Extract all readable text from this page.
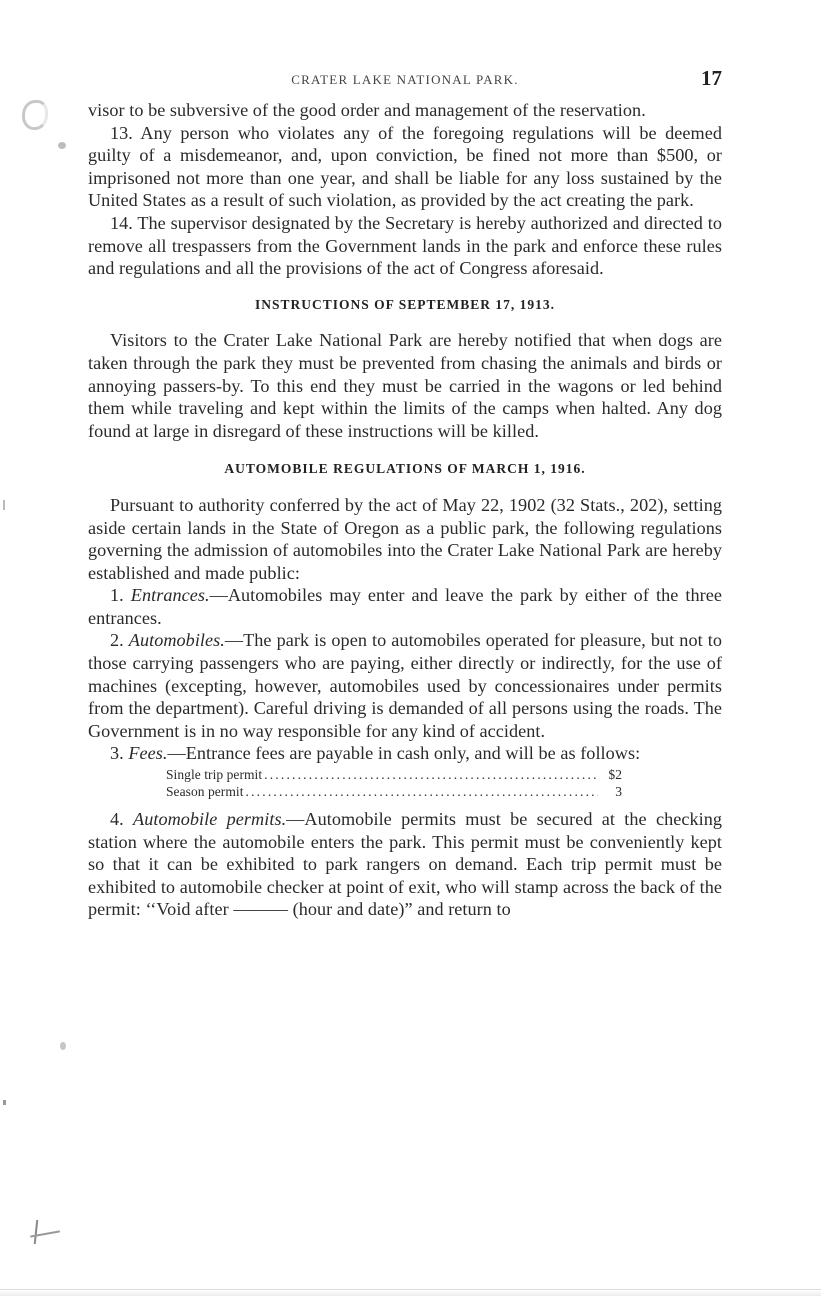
CRATER LAKE NATIONAL PARK.	17

visor to be subversive of the good order and management of the reservation.

13. Any person who violates any of the foregoing regulations will be deemed guilty of a misdemeanor, and, upon conviction, be fined not more than $500, or imprisoned not more than one year, and shall be liable for any loss sustained by the United States as a result of such violation, as provided by the act creating the park.

14. The supervisor designated by the Secretary is hereby authorized and directed to remove all trespassers from the Government lands in the park and enforce these rules and regulations and all the provisions of the act of Congress aforesaid.

INSTRUCTIONS OF SEPTEMBER 17, 1913.

Visitors to the Crater Lake National Park are hereby notified that when dogs are taken through the park they must be prevented from chasing the animals and birds or annoying passers-by. To this end they must be carried in the wagons or led behind them while traveling and kept within the limits of the camps when halted. Any dog found at large in disregard of these instructions will be killed.

AUTOMOBILE REGULATIONS OF MARCH 1, 1916.

Pursuant to authority conferred by the act of May 22, 1902 (32 Stats., 202), setting aside certain lands in the State of Oregon as a public park, the following regulations governing the admission of automobiles into the Crater Lake National Park are hereby established and made public:

1. Entrances.—Automobiles may enter and leave the park by either of the three entrances.

2. Automobiles.—The park is open to automobiles operated for pleasure, but not to those carrying passengers who are paying, either directly or indirectly, for the use of machines (excepting, however, automobiles used by concessionaires under permits from the department). Careful driving is demanded of all persons using the roads. The Government is in no way responsible for any kind of accident.

3. Fees.—Entrance fees are payable in cash only, and will be as follows:

Single trip permit .....	$2
Season permit .....	3

4. Automobile permits.—Automobile permits must be secured at the checking station where the automobile enters the park. This permit must be conveniently kept so that it can be exhibited to park rangers on demand. Each trip permit must be exhibited to automobile checker at point of exit, who will stamp across the back of the permit: ‘‘Void after ——— (hour and date)” and return to
